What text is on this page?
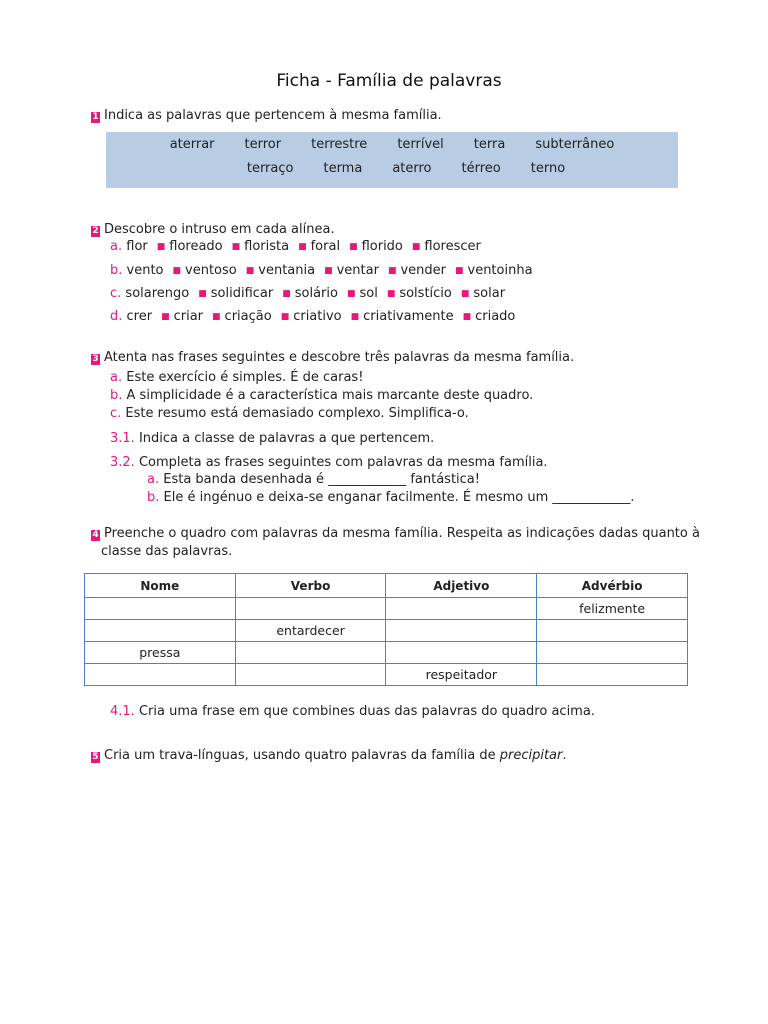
Ficha - Família de palavras
1 Indica as palavras que pertencem à mesma família.
aterrar terror terrestre terrível terra subterrâneo
terraço terma aterro térreo terno
2 Descobre o intruso em cada alínea.
a. flor ■ floreado ■ florista ■ foral ■ florido ■ florescer
b. vento ■ ventoso ■ ventania ■ ventar ■ vender ■ ventoinha
c. solarengo ■ solidificar ■ solário ■ sol ■ solstício ■ solar
d. crer ■ criar ■ criação ■ criativo ■ criativamente ■ criado
3 Atenta nas frases seguintes e descobre três palavras da mesma família.
a. Este exercício é simples. É de caras!
b. A simplicidade é a característica mais marcante deste quadro.
c. Este resumo está demasiado complexo. Simplifica-o.
3.1. Indica a classe de palavras a que pertencem.
3.2. Completa as frases seguintes com palavras da mesma família.
a. Esta banda desenhada é ____________ fantástica!
b. Ele é ingénuo e deixa-se enganar facilmente. É mesmo um ____________.
4 Preenche o quadro com palavras da mesma família. Respeita as indicações dadas quanto à
classe das palavras.
Nome	Verbo	Adjetivo	Advérbio
			felizmente
	entardecer		
pressa			
		respeitador	
4.1. Cria uma frase em que combines duas das palavras do quadro acima.
5 Cria um trava-línguas, usando quatro palavras da família de precipitar.
